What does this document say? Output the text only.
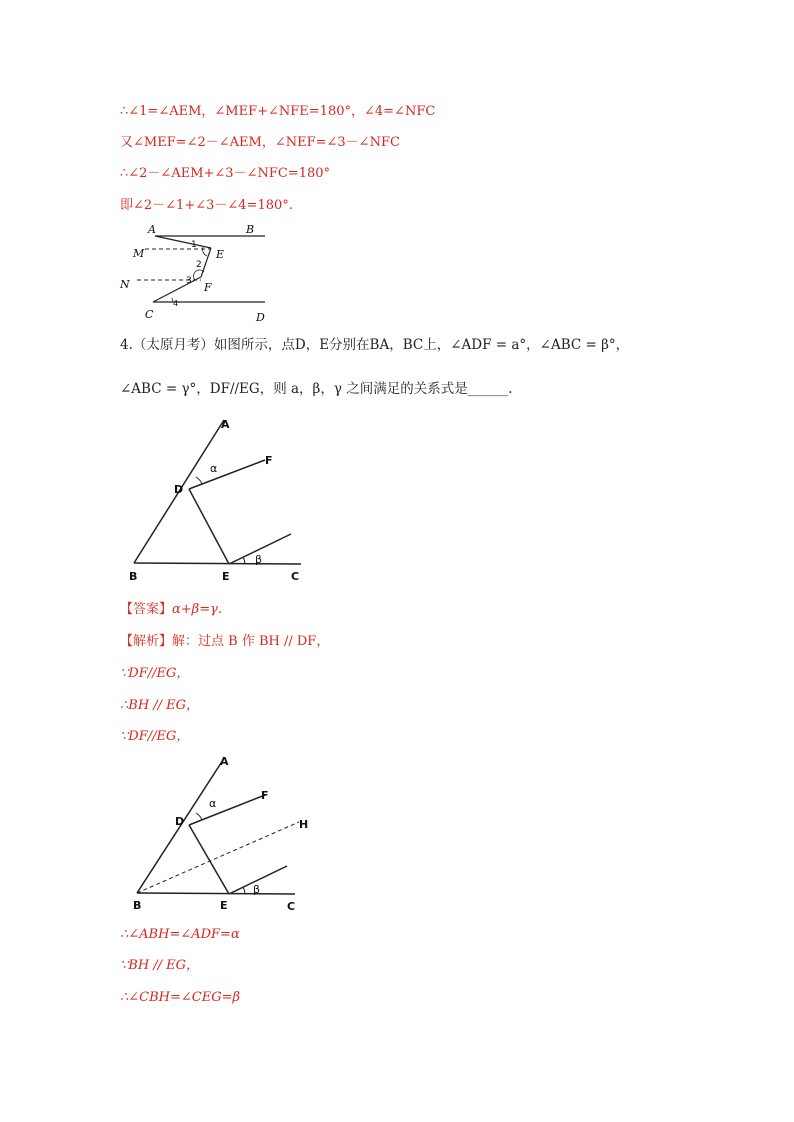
∴∠1=∠AEM，∠MEF+∠NFE=180°，∠4=∠NFC
又∠MEF=∠2－∠AEM，∠NEF=∠3－∠NFC
∴∠2－∠AEM+∠3－∠NFC=180°
即∠2－∠1+∠3－∠4=180°.
A	B
M	E
N	F
C	D
1
2
3
4
4.（太原月考）如图所示，点D，E分别在BA，BC上，∠ADF = a°，∠ABC = β°，
∠ABC = γ°，DF//EG，则 a，β，γ 之间满足的关系式是______.
A
F
D
B	E	C
α
β
【答案】α+β=γ.
【解析】解：过点 B 作 BH // DF，
∵DF//EG，
∴BH // EG，
∵DF//EG，
A
F
D	H
B	E	C
α
β
∴∠ABH=∠ADF=α
∵BH // EG，
∴∠CBH=∠CEG=β
